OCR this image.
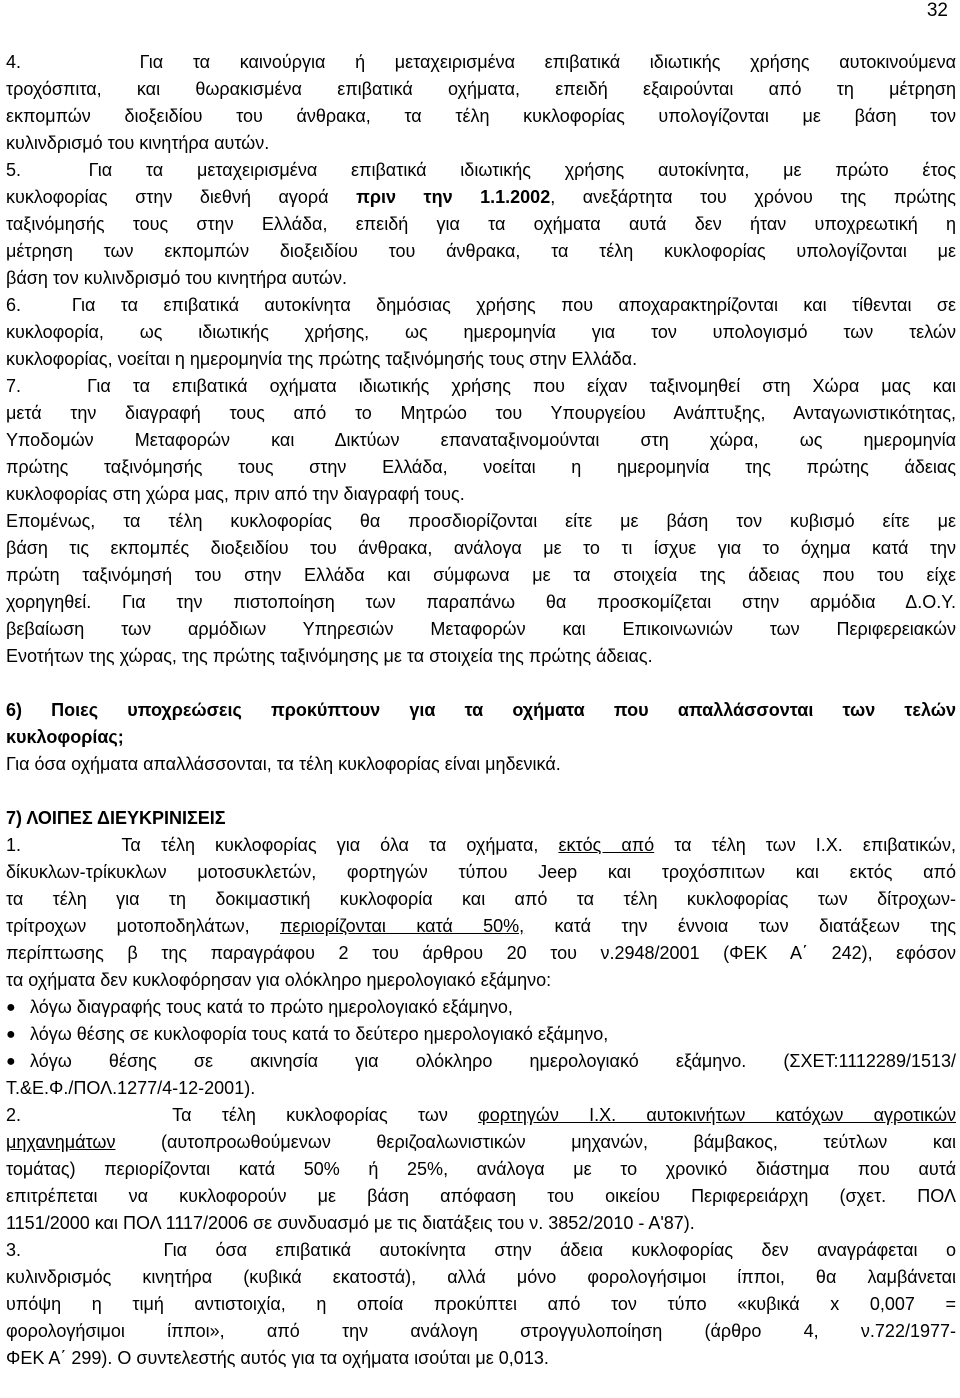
32
4.    Για τα καινούργια ή μεταχειρισμένα επιβατικά ιδιωτικής χρήσης αυτοκινούμενα
τροχόσπιτα, και θωρακισμένα επιβατικά οχήματα, επειδή εξαιρούνται από τη μέτρηση
εκπομπών διοξειδίου του άνθρακα, τα τέλη κυκλοφορίας υπολογίζονται με βάση τον
κυλινδρισμό του κινητήρα αυτών.
5.  Για τα μεταχειρισμένα επιβατικά ιδιωτικής χρήσης αυτοκίνητα, με πρώτο έτος
κυκλοφορίας στην διεθνή αγορά πριν την 1.1.2002, ανεξάρτητα του χρόνου της πρώτης
ταξινόμησής τους στην Ελλάδα, επειδή για τα οχήματα αυτά δεν ήταν υποχρεωτική η
μέτρηση των εκπομπών διοξειδίου του άνθρακα, τα τέλη κυκλοφορίας υπολογίζονται με
βάση τον κυλινδρισμό του κινητήρα αυτών.
6.  Για τα επιβατικά αυτοκίνητα δημόσιας χρήσης που αποχαρακτηρίζονται και τίθενται σε
κυκλοφορία, ως ιδιωτικής χρήσης, ως ημερομηνία για τον υπολογισμό των τελών
κυκλοφορίας, νοείται η ημερομηνία της πρώτης ταξινόμησής τους στην Ελλάδα.
7.   Για τα επιβατικά οχήματα ιδιωτικής χρήσης που είχαν ταξινομηθεί στη Χώρα μας και
μετά την διαγραφή τους από το Μητρώο του Υπουργείου Ανάπτυξης, Ανταγωνιστικότητας,
Υποδομών Μεταφορών και Δικτύων επαναταξινομούνται στη χώρα, ως ημερομηνία
πρώτης ταξινόμησής τους στην Ελλάδα, νοείται η ημερομηνία της πρώτης άδειας
κυκλοφορίας στη χώρα μας, πριν από την διαγραφή τους.
Επομένως, τα τέλη κυκλοφορίας θα προσδιορίζονται είτε με βάση τον κυβισμό είτε με
βάση τις εκπομπές διοξειδίου του άνθρακα, ανάλογα με το τι ίσχυε για το όχημα κατά την
πρώτη ταξινόμησή του στην Ελλάδα και σύμφωνα με τα στοιχεία της άδειας που του είχε
χορηγηθεί. Για την πιστοποίηση των παραπάνω θα προσκομίζεται στην αρμόδια Δ.Ο.Υ.
βεβαίωση των αρμόδιων Υπηρεσιών Μεταφορών και Επικοινωνιών των Περιφερειακών
Ενοτήτων της χώρας, της πρώτης ταξινόμησης με τα στοιχεία της πρώτης άδειας.
6) Ποιες υποχρεώσεις προκύπτουν για τα οχήματα που απαλλάσσονται των τελών
κυκλοφορίας;
Για όσα οχήματα απαλλάσσονται, τα τέλη κυκλοφορίας είναι μηδενικά.
7) ΛΟΙΠΕΣ ΔΙΕΥΚΡΙΝΙΣΕΙΣ
1.     Τα τέλη κυκλοφορίας για όλα τα οχήματα, εκτός από τα τέλη των Ι.Χ. επιβατικών,
δίκυκλων-τρίκυκλων μοτοσυκλετών, φορτηγών τύπου Jeep και τροχόσπιτων και εκτός από
τα τέλη για τη δοκιμαστική κυκλοφορία και από τα τέλη κυκλοφορίας των δίτροχων-
τρίτροχων μοτοποδηλάτων, περιορίζονται κατά 50%, κατά την έννοια των διατάξεων της
περίπτωσης β της παραγράφου 2 του άρθρου 20 του ν.2948/2001 (ΦΕΚ Α΄ 242), εφόσον
τα οχήματα δεν κυκλοφόρησαν για ολόκληρο ημερολογιακό εξάμηνο:
● λόγω διαγραφής τους κατά το πρώτο ημερολογιακό εξάμηνο,
● λόγω θέσης σε κυκλοφορία τους κατά το δεύτερο ημερολογιακό εξάμηνο,
● λόγω θέσης σε ακινησία για ολόκληρο ημερολογιακό εξάμηνο. (ΣΧΕΤ:1112289/1513/
Τ.&Ε.Φ./ΠΟΛ.1277/4-12-2001).
2.     Τα τέλη κυκλοφορίας των φορτηγών Ι.Χ. αυτοκινήτων κατόχων αγροτικών
μηχανημάτων (αυτοπροωθούμενων θεριζοαλωνιστικών μηχανών, βάμβακος, τεύτλων και
τομάτας) περιορίζονται κατά 50% ή 25%, ανάλογα με το χρονικό διάστημα που αυτά
επιτρέπεται να κυκλοφορούν με βάση απόφαση του οικείου Περιφερειάρχη (σχετ. ΠΟΛ
1151/2000 και ΠΟΛ 1117/2006 σε συνδυασμό με τις διατάξεις του ν. 3852/2010 - Α'87).
3.     Για όσα επιβατικά αυτοκίνητα στην άδεια κυκλοφορίας δεν αναγράφεται ο
κυλινδρισμός κινητήρα (κυβικά εκατοστά), αλλά μόνο φορολογήσιμοι ίπποι, θα λαμβάνεται
υπόψη η τιμή αντιστοιχία, η οποία προκύπτει από τον τύπο «κυβικά x 0,007 =
φορολογήσιμοι ίπποι», από την ανάλογη στρογγυλοποίηση (άρθρο 4, ν.722/1977-
ΦΕΚ Α΄ 299). Ο συντελεστής αυτός για τα οχήματα ισούται με 0,013.
